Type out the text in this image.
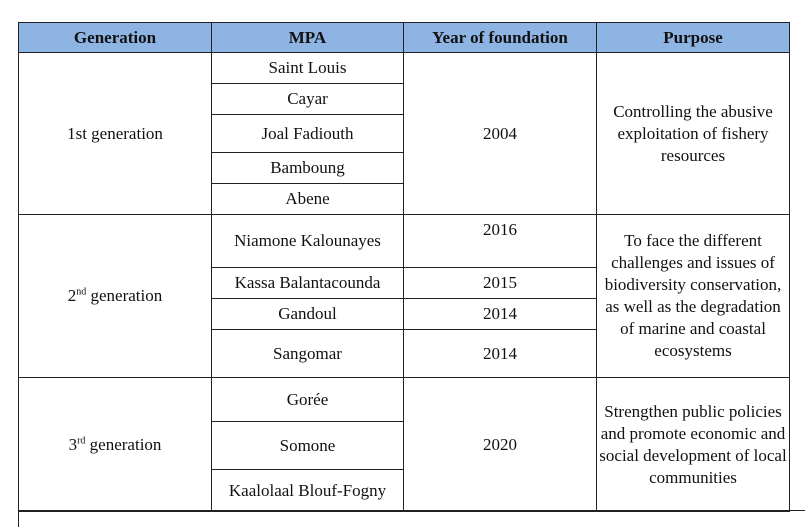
Generation	MPA	Year of foundation	Purpose
1st generation	Saint Louis	2004	Controlling the abusive exploitation of fishery resources
	Cayar		
	Joal Fadiouth		
	Bamboung		
	Abene		
2nd generation	Niamone Kalounayes	2016	To face the different challenges and issues of biodiversity conservation, as well as the degradation of marine and coastal ecosystems
	Kassa Balantacounda	2015	
	Gandoul	2014	
	Sangomar	2014	
3rd generation	Gorée	2020	Strengthen public policies and promote economic and social development of local communities
	Somone		
	Kaalolaal Blouf-Fogny		
